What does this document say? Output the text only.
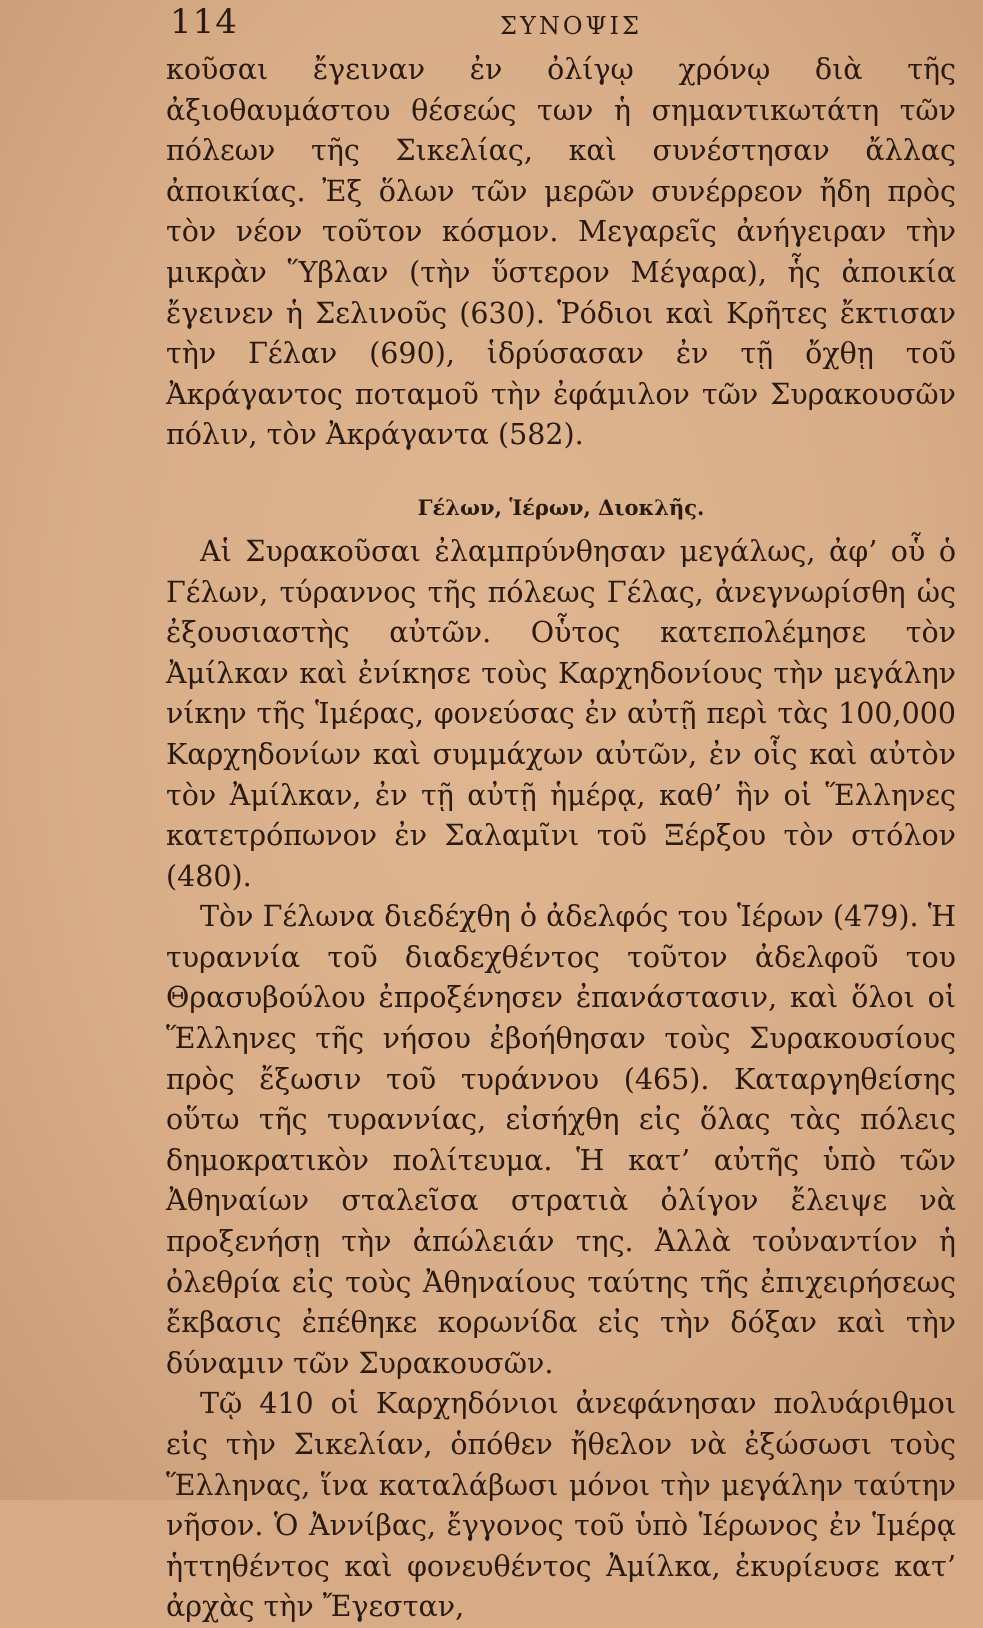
114	ΣΥΝΟΨΙΣ

κοῦσαι ἔγειναν ἐν ὀλίγῳ χρόνῳ διὰ τῆς ἀξιοθαυμάστου θέσεώς των ἡ σημαντικωτάτη τῶν πόλεων τῆς Σικελίας, καὶ συνέστησαν ἄλλας ἀποικίας. Ἐξ ὅλων τῶν μερῶν συνέρρεον ἤδη πρὸς τὸν νέον τοῦτον κόσμον. Μεγαρεῖς ἀνήγειραν τὴν μικρὰν Ὕβλαν (τὴν ὕστερον Μέγαρα), ἧς ἀποικία ἔγεινεν ἡ Σελινοῦς (630). Ῥόδιοι καὶ Κρῆτες ἔκτισαν τὴν Γέλαν (690), ἱδρύσασαν ἐν τῇ ὄχθῃ τοῦ Ἀκράγαντος ποταμοῦ τὴν ἐφάμιλον τῶν Συρακουσῶν πόλιν, τὸν Ἀκράγαντα (582).

Γέλων, Ἱέρων, Διοκλῆς.

Αἱ Συρακοῦσαι ἐλαμπρύνθησαν μεγάλως, ἀφ’ οὗ ὁ Γέλων, τύραννος τῆς πόλεως Γέλας, ἀνεγνωρίσθη ὡς ἐξουσιαστὴς αὐτῶν. Οὗτος κατεπολέμησε τὸν Ἀμίλκαν καὶ ἐνίκησε τοὺς Καρχηδονίους τὴν μεγάλην νίκην τῆς Ἱμέρας, φονεύσας ἐν αὐτῇ περὶ τὰς 100,000 Καρχηδονίων καὶ συμμάχων αὐτῶν, ἐν οἷς καὶ αὐτὸν τὸν Ἀμίλκαν, ἐν τῇ αὐτῇ ἡμέρᾳ, καθ’ ἣν οἱ Ἕλληνες κατετρόπωνον ἐν Σαλαμῖνι τοῦ Ξέρξου τὸν στόλον (480).

Τὸν Γέλωνα διεδέχθη ὁ ἀδελφός του Ἱέρων (479). Ἡ τυραννία τοῦ διαδεχθέντος τοῦτον ἀδελφοῦ του Θρασυβούλου ἐπροξένησεν ἐπανάστασιν, καὶ ὅλοι οἱ Ἕλληνες τῆς νήσου ἐβοήθησαν τοὺς Συρακουσίους πρὸς ἔξωσιν τοῦ τυράννου (465). Καταργηθείσης οὕτω τῆς τυραννίας, εἰσήχθη εἰς ὅλας τὰς πόλεις δημοκρατικὸν πολίτευμα. Ἡ κατ’ αὐτῆς ὑπὸ τῶν Ἀθηναίων σταλεῖσα στρατιὰ ὀλίγον ἔλειψε νὰ προξενήσῃ τὴν ἀπώλειάν της. Ἀλλὰ τοὐναντίον ἡ ὀλεθρία εἰς τοὺς Ἀθηναίους ταύτης τῆς ἐπιχειρήσεως ἔκβασις ἐπέθηκε κορωνίδα εἰς τὴν δόξαν καὶ τὴν δύναμιν τῶν Συρακουσῶν.

Τῷ 410 οἱ Καρχηδόνιοι ἀνεφάνησαν πολυάριθμοι εἰς τὴν Σικελίαν, ὁπόθεν ἤθελον νὰ ἐξώσωσι τοὺς Ἕλληνας, ἵνα καταλάβωσι μόνοι τὴν μεγάλην ταύτην νῆσον. Ὁ Ἀννίβας, ἔγγονος τοῦ ὑπὸ Ἱέρωνος ἐν Ἱμέρᾳ ἡττηθέντος καὶ φονευθέντος Ἀμίλκα, ἐκυρίευσε κατ’ ἀρχὰς τὴν Ἔγεσταν,
